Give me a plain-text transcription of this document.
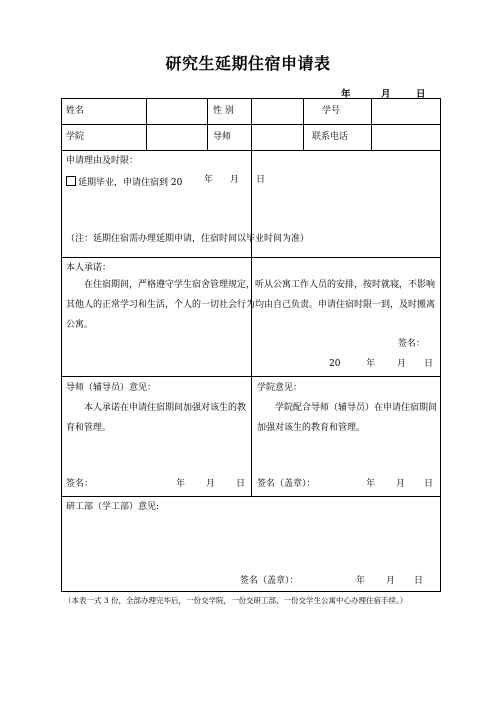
研究生延期住宿申请表
年	月	日
姓名	性 别	学号
学院	导师	联系电话
申请理由及时限：
延期毕业，申请住宿到 20 年 月 日
（注：延期住宿需办理延期申请，住宿时间以毕业时间为准）
本人承诺：
在住宿期间，严格遵守学生宿舍管理规定，听从公寓工作人员的安排，按时就寝，不影响其他人的正常学习和生活，个人的一切社会行为均由自己负责。申请住宿时限一到，及时搬离公寓。
签名：
20	年 月 日
导师（辅导员）意见：
本人承诺在申请住宿期间加强对该生的教育和管理。
签名：	年 月 日
学院意见：
学院配合导师（辅导员）在申请住宿期间加强对该生的教育和管理。
签名（盖章）：	年 月 日
研工部（学工部）意见:
签名（盖章）：	年 月 日
（本表一式 3 份，全部办理完毕后，一份交学院，一份交研工部，一份交学生公寓中心办理住宿手续。）
